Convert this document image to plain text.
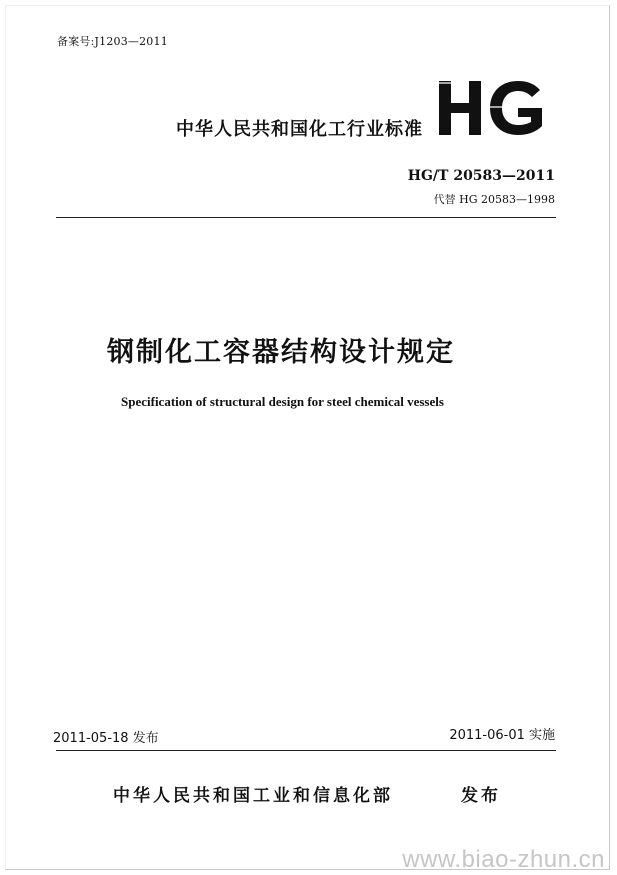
备案号:J1203—2011
中华人民共和国化工行业标准
HG/T 20583—2011
代替 HG 20583—1998
钢制化工容器结构设计规定
Specification of structural design for steel chemical vessels
2011-05-18 发布	2011-06-01 实施
中华人民共和国工业和信息化部	发布
www.biao-zhun.cn
